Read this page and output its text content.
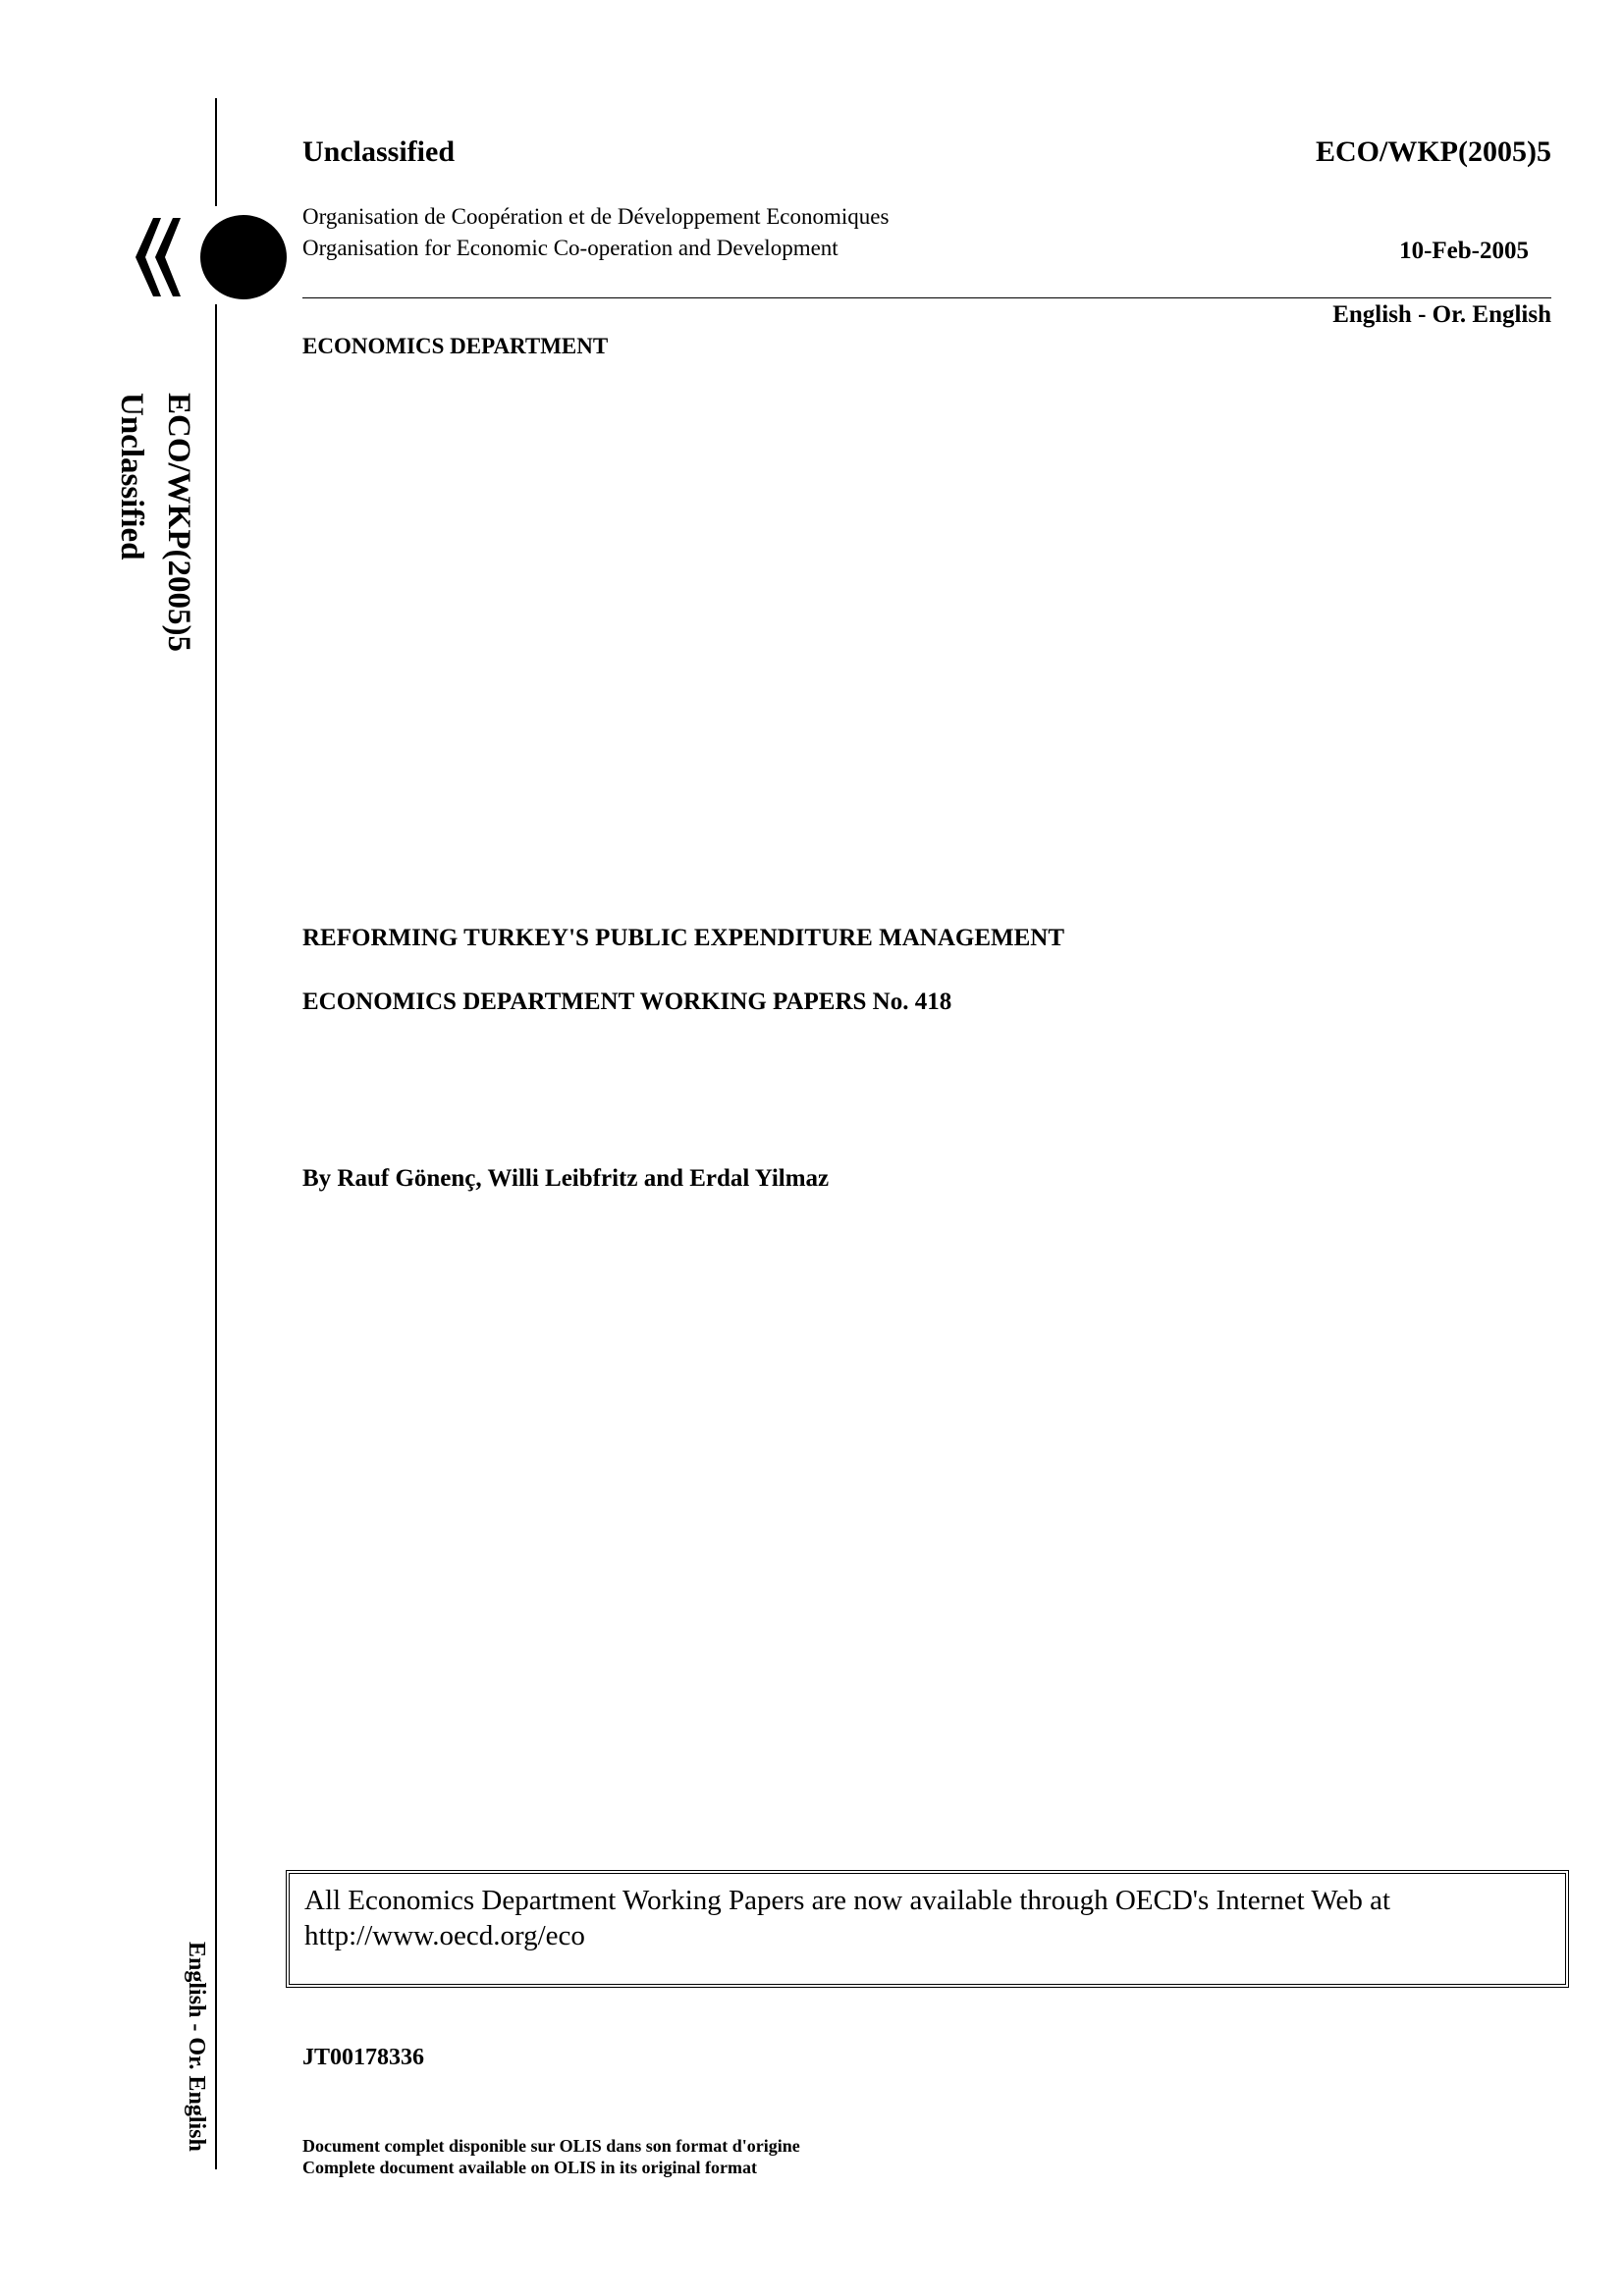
ECO/WKP(2005)5
Unclassified
English - Or. English
Unclassified	ECO/WKP(2005)5
Organisation de Coopération et de Développement Economiques
Organisation for Economic Co-operation and Development	10-Feb-2005
English - Or. English
ECONOMICS DEPARTMENT
REFORMING TURKEY'S PUBLIC EXPENDITURE MANAGEMENT
ECONOMICS DEPARTMENT WORKING PAPERS No. 418
By Rauf Gönenç, Willi Leibfritz and Erdal Yilmaz
All Economics Department Working Papers are now available through OECD's Internet Web at http://www.oecd.org/eco
JT00178336
Document complet disponible sur OLIS dans son format d'origine
Complete document available on OLIS in its original format
